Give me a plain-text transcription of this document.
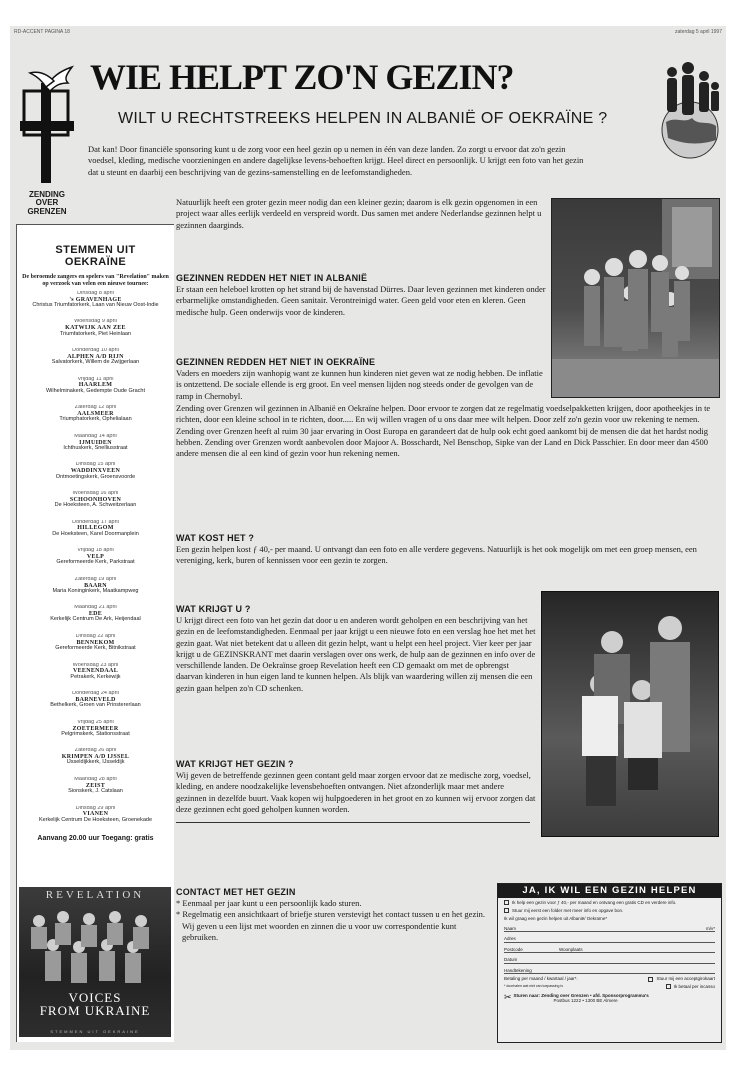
RD-ACCENT PAGINA 18	zaterdag 5 april 1997
ZENDING
OVER
GRENZEN
WIE HELPT ZO'N GEZIN?
WILT U RECHTSTREEKS HELPEN IN ALBANIË OF OEKRAÏNE ?
Dat kan! Door financiële sponsoring kunt u de zorg voor een heel gezin op u nemen in één van deze landen. Zo zorgt u ervoor dat zo'n gezin voedsel, kleding, medische voorzieningen en andere dagelijkse levens-behoeften krijgt. Heel direct en persoonlijk. U krijgt een foto van het gezin dat u steunt en daarbij een beschrijving van de gezins-samenstelling en de leefomstandigheden.
Natuurlijk heeft een groter gezin meer nodig dan een kleiner gezin; daarom is elk gezin opgenomen in een project waar alles eerlijk verdeeld en verspreid wordt. Dus samen met andere Nederlandse gezinnen helpt u gezinnen daarginds.
GEZINNEN REDDEN HET NIET IN ALBANIË

Er staan een heleboel krotten op het strand bij de havenstad Dürres. Daar leven gezinnen met kinderen onder erbarmelijke omstandigheden. Geen sanitair. Verontreinigd water. Geen geld voor eten en kleren. Geen medische hulp. Geen onderwijs voor de kinderen.

GEZINNEN REDDEN HET NIET IN OEKRAÏNE

Vaders en moeders zijn wanhopig want ze kunnen hun kinderen niet geven wat ze nodig hebben. De inflatie is ontzettend. De sociale ellende is erg groot. En veel mensen lijden nog steeds onder de gevolgen van de ramp in Chernobyl.

Zending over Grenzen wil gezinnen in Albanië en Oekraïne helpen. Door ervoor te zorgen dat ze regelmatig voedselpakketten krijgen, door apotheekjes in te richten, door een kleine school in te richten, door..... En wij willen vragen of u ons daar mee wilt helpen. Door zelf zo'n gezin voor uw rekening te nemen. Zending over Grenzen heeft al ruim 30 jaar ervaring in Oost Europa en garandeert dat de hulp ook echt goed aankomt bij de mensen die dat het hardst nodig hebben. Zending over Grenzen wordt aanbevolen door Majoor A. Bosschardt, Nel Benschop, Sipke van der Land en Dick Passchier. En door meer dan 4500 andere mensen die al een kind of gezin voor hun rekening nemen.

WAT KOST HET ?

Een gezin helpen kost ƒ 40,- per maand. U ontvangt dan een foto en alle verdere gegevens. Natuurlijk is het ook mogelijk om met een groep mensen, een vereniging, kerk, buren of kennissen voor een gezin te zorgen.

WAT KRIJGT U ?

U krijgt direct een foto van het gezin dat door u en anderen wordt geholpen en een beschrijving van het gezin en de leefomstandigheden. Eenmaal per jaar krijgt u een nieuwe foto en een verslag hoe het met het gezin gaat. Wat niet betekent dat u alleen dit gezin helpt, want u helpt een heel project. Vier keer per jaar krijgt u de GEZINSKRANT met daarin verslagen over ons werk, de hulp aan de gezinnen en info over de verschillende landen. De Oekraïnse groep Revelation heeft een CD gemaakt om met de opbrengst daarvan kinderen in hun eigen land te kunnen helpen. Als blijk van waardering willen zij mensen die een gezin gaan helpen zo'n CD schenken.

WAT KRIJGT HET GEZIN ?

Wij geven de betreffende gezinnen geen contant geld maar zorgen ervoor dat ze medische zorg, voedsel, kleding, en andere noodzakelijke levensbehoeften ontvangen. Niet afzonderlijk maar met andere gezinnen in dezelfde buurt. Vaak kopen wij hulpgoederen in het groot en zo kunnen wij ervoor zorgen dat deze gezinnen echt goed geholpen kunnen worden.

CONTACT MET HET GEZIN

* Eenmaal per jaar kunt u een persoonlijk kado sturen.

* Regelmatig een ansichtkaart of briefje sturen verstevigt het contact tussen u en het gezin. Wij geven u een lijst met woorden en zinnen die u voor uw correspondentie kunt gebruiken.

STEMMEN UIT
OEKRAÏNE
De beroemde zangers en spelers van "Revelation" maken op verzoek van velen een nieuwe tournee:
Dinsdag 8 april
's GRAVENHAGE
Christus Triumfatorkerk, Laan van Nieuw Oost-Indie
Woensdag 9 april
KATWIJK AAN ZEE
Triumfatorkerk, Piet Heinlaan
Donderdag 10 april
ALPHEN A/D RIJN
Salvatorkerk, Willem de Zwijgerlaan
Vrijdag 11 april
HAARLEM
Wilhelminakerk, Gedempte Oude Gracht
Zaterdag 12 april
AALSMEER
Triumphatorkerk, Ophelialaan
Maandag 14 april
IJMUIDEN
Ichthuskerk, Snelliusstraat
Dinsdag 15 april
WADDINXVEEN
Ontmoetingskerk, Groensvoorde
Woensdag 16 april
SCHOONHOVEN
De Hoeksteen, A. Schweitzerlaan
Donderdag 17 april
HILLEGOM
De Hoeksteen, Karel Doormanplein
Vrijdag 18 april
VELP
Gereformeerde Kerk, Parkstraat
Zaterdag 19 april
BAARN
Maria Koninginkerk, Maatkampweg
Maandag 21 april
EDE
Kerkelijk Centrum De Ark, Heijendaal
Dinsdag 22 april
BENNEKOM
Gereformeerde Kerk, Bitnikstraat
Woensdag 23 april
VEENENDAAL
Petrakerk, Kerkewijk
Donderdag 24 april
BARNEVELD
Bethelkerk, Groen van Prinstererlaan
Vrijdag 25 april
ZOETERMEER
Pelgrimskerk, Stationsstraat
Zaterdag 26 april
KRIMPEN A/D IJSSEL
IJsseldijkkerk, IJsseldijk
Maandag 28 april
ZEIST
Sionskerk, J. Catslaan
Dinsdag 29 april
VIANEN
Kerkelijk Centrum De Hoeksteen, Groenekade
Aanvang 20.00 uur Toegang: gratis
REVELATION
VOICES
FROM UKRAINE
STEMMEN UIT OEKRAINE
JA, IK WIL EEN GEZIN HELPEN
Ik help een gezin voor ƒ 40,- per maand en ontvang een gratis CD en verdere info.
Stuur mij eerst een folder met meer info en opgave bon.
Ik wil graag een gezin helpen uit Albanië/ Oekraïne*
Naam	m/v*
Adres
Postcode	Woonplaats
Datum
Handtekening
Betaling per maand / kwartaal / jaar*.	Stuur mij een acceptgirokaart
* doorhalen wat niet van toepassing is	Ik betaal per incasso
✂ Sturen naar: Zending over Grenzen • afd. Sponsorprogramma's
Postbus 1222 • 1300 BE Almere
